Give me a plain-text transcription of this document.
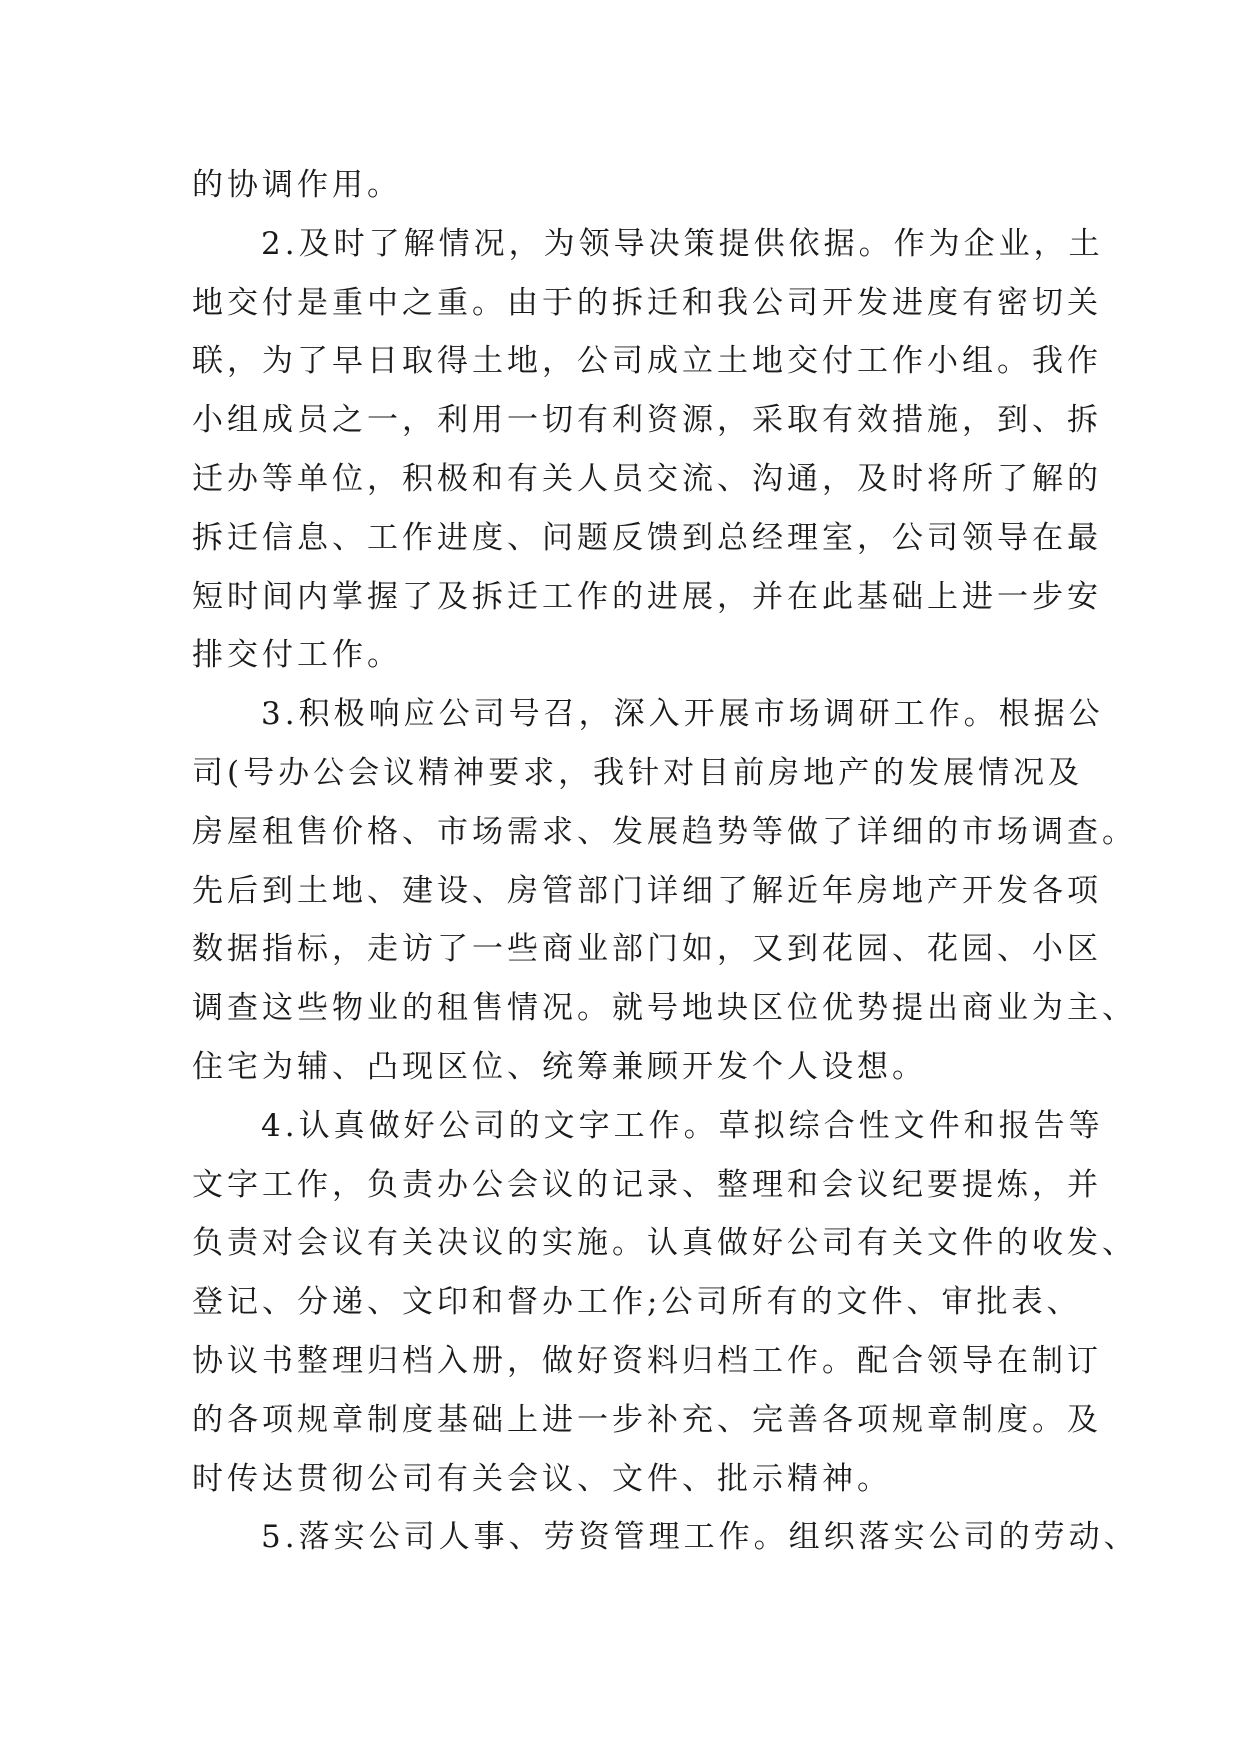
的协调作用。
2.及时了解情况，为领导决策提供依据。作为企业，土
地交付是重中之重。由于的拆迁和我公司开发进度有密切关
联，为了早日取得土地，公司成立土地交付工作小组。我作
小组成员之一，利用一切有利资源，采取有效措施，到、拆
迁办等单位，积极和有关人员交流、沟通，及时将所了解的
拆迁信息、工作进度、问题反馈到总经理室，公司领导在最
短时间内掌握了及拆迁工作的进展，并在此基础上进一步安
排交付工作。
3.积极响应公司号召，深入开展市场调研工作。根据公
司(号办公会议精神要求，我针对目前房地产的发展情况及
房屋租售价格、市场需求、发展趋势等做了详细的市场调查。
先后到土地、建设、房管部门详细了解近年房地产开发各项
数据指标，走访了一些商业部门如，又到花园、花园、小区
调查这些物业的租售情况。就号地块区位优势提出商业为主、
住宅为辅、凸现区位、统筹兼顾开发个人设想。
4.认真做好公司的文字工作。草拟综合性文件和报告等
文字工作，负责办公会议的记录、整理和会议纪要提炼，并
负责对会议有关决议的实施。认真做好公司有关文件的收发、
登记、分递、文印和督办工作;公司所有的文件、审批表、
协议书整理归档入册，做好资料归档工作。配合领导在制订
的各项规章制度基础上进一步补充、完善各项规章制度。及
时传达贯彻公司有关会议、文件、批示精神。
5.落实公司人事、劳资管理工作。组织落实公司的劳动、
